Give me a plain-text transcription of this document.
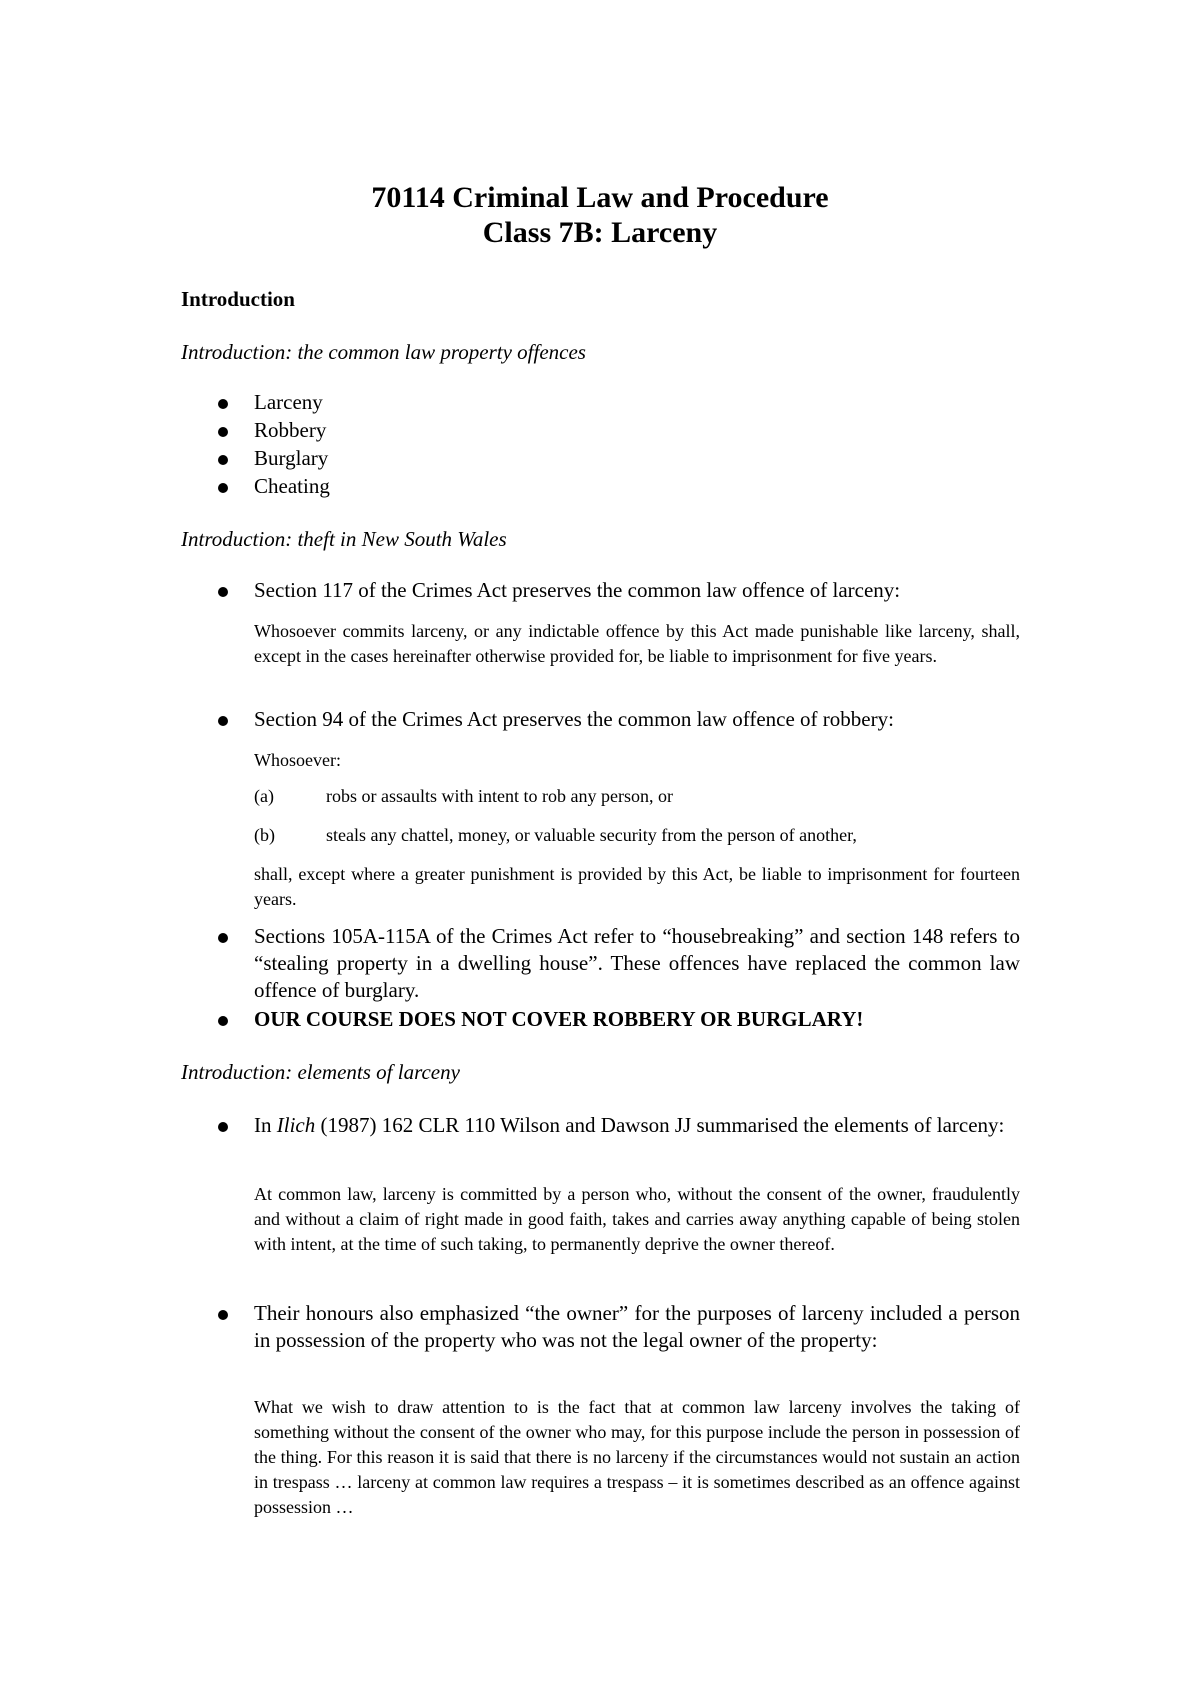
70114 Criminal Law and Procedure
Class 7B: Larceny
Introduction
Introduction: the common law property offences
Larceny
Robbery
Burglary
Cheating
Introduction: theft in New South Wales
Section 117 of the Crimes Act preserves the common law offence of larceny:
Whosoever commits larceny, or any indictable offence by this Act made punishable like larceny, shall, except in the cases hereinafter otherwise provided for, be liable to imprisonment for five years.
Section 94 of the Crimes Act preserves the common law offence of robbery:
Whosoever:
(a)	robs or assaults with intent to rob any person, or
(b)	steals any chattel, money, or valuable security from the person of another,
shall, except where a greater punishment is provided by this Act, be liable to imprisonment for fourteen years.
Sections 105A-115A of the Crimes Act refer to “housebreaking” and section 148 refers to “stealing property in a dwelling house”. These offences have replaced the common law offence of burglary.
OUR COURSE DOES NOT COVER ROBBERY OR BURGLARY!
Introduction: elements of larceny
In Ilich (1987) 162 CLR 110 Wilson and Dawson JJ summarised the elements of larceny:
At common law, larceny is committed by a person who, without the consent of the owner, fraudulently and without a claim of right made in good faith, takes and carries away anything capable of being stolen with intent, at the time of such taking, to permanently deprive the owner thereof.
Their honours also emphasized “the owner” for the purposes of larceny included a person in possession of the property who was not the legal owner of the property:
What we wish to draw attention to is the fact that at common law larceny involves the taking of something without the consent of the owner who may, for this purpose include the person in possession of the thing. For this reason it is said that there is no larceny if the circumstances would not sustain an action in trespass … larceny at common law requires a trespass – it is sometimes described as an offence against possession …
